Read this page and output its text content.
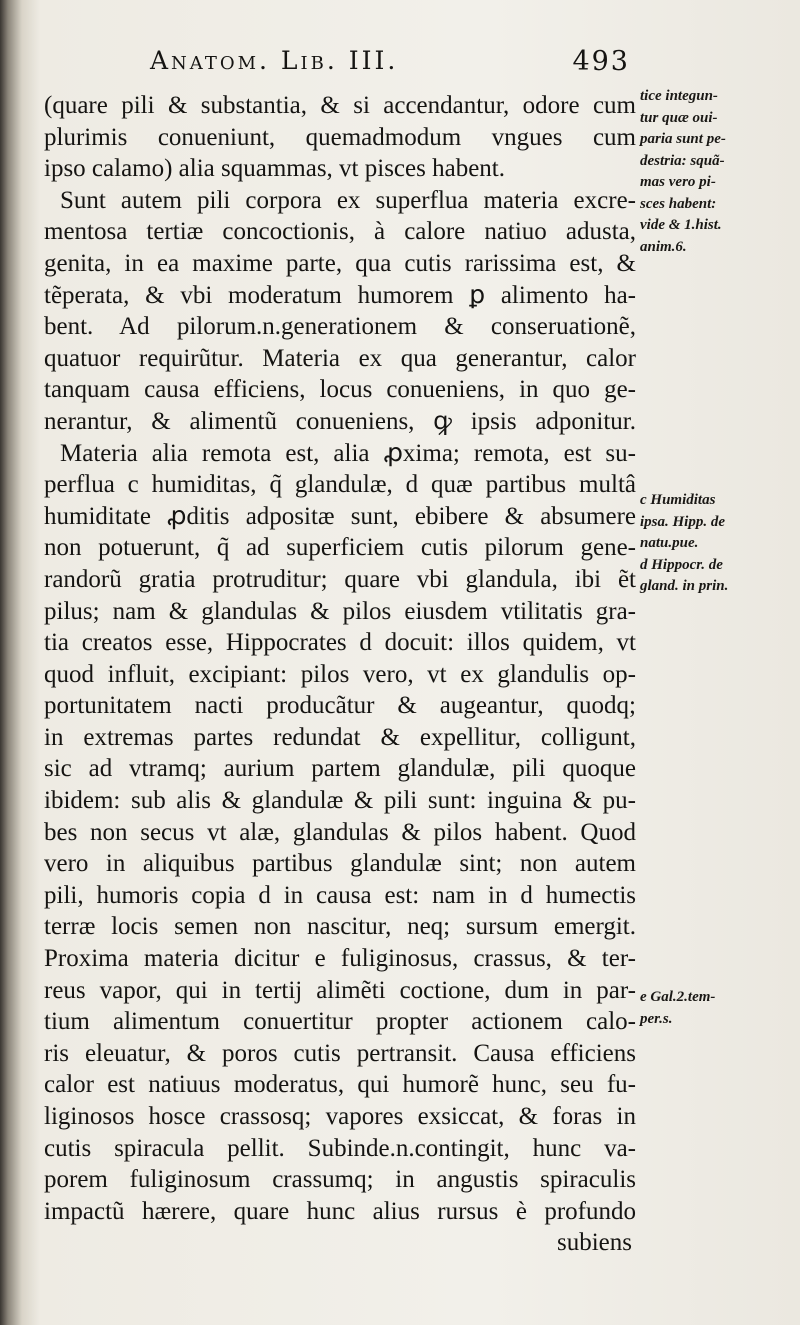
Anatom. Lib. III.	493
(quare pili & substantia, & si accendantur, odore cum
plurimis conueniunt, quemadmodum vngues cum
ipso calamo) alia squammas, vt pisces habent.
Sunt autem pili corpora ex superflua materia excre-
mentosa tertiæ concoctionis, à calore natiuo adusta,
genita, in ea maxime parte, qua cutis rarissima est, &
tẽperata, & vbi moderatum humorem ꝑ alimento ha-
bent. Ad pilorum.n.generationem & conseruationẽ,
quatuor requirũtur. Materia ex qua generantur, calor
tanquam causa efficiens, locus conueniens, in quo ge-
nerantur, & alimentũ conueniens, ꝙ ipsis adponitur.
Materia alia remota est, alia ꝓxima; remota, est su-
perflua c humiditas, q̃ glandulæ, d quæ partibus multâ
humiditate ꝓditis adpositæ sunt, ebibere & absumere
non potuerunt, q̃ ad superficiem cutis pilorum gene-
randorũ gratia protruditur; quare vbi glandula, ibi ẽt
pilus; nam & glandulas & pilos eiusdem vtilitatis gra-
tia creatos esse, Hippocrates d docuit: illos quidem, vt
quod influit, excipiant: pilos vero, vt ex glandulis op-
portunitatem nacti producãtur & augeantur, quodq;
in extremas partes redundat & expellitur, colligunt,
sic ad vtramq; aurium partem glandulæ, pili quoque
ibidem: sub alis & glandulæ & pili sunt: inguina & pu-
bes non secus vt alæ, glandulas & pilos habent. Quod
vero in aliquibus partibus glandulæ sint; non autem
pili, humoris copia d in causa est: nam in d humectis
terræ locis semen non nascitur, neq; sursum emergit.
Proxima materia dicitur e fuliginosus, crassus, & ter-
reus vapor, qui in tertij alimẽti coctione, dum in par-
tium alimentum conuertitur propter actionem calo-
ris eleuatur, & poros cutis pertransit. Causa efficiens
calor est natiuus moderatus, qui humorẽ hunc, seu fu-
liginosos hosce crassosq; vapores exsiccat, & foras in
cutis spiracula pellit. Subinde.n.contingit, hunc va-
porem fuliginosum crassumq; in angustis spiraculis
impactũ hærere, quare hunc alius rursus è profundo
subiens
tice integun-
tur quæ oui-
paria sunt pe-
destria: squã-
mas vero pi-
sces habent:
vide & 1.hist.
anim.6.
c Humiditas
ipsa. Hipp. de
natu.pue.
d Hippocr. de
gland. in prin.
e Gal.2.tem-
per.s.
